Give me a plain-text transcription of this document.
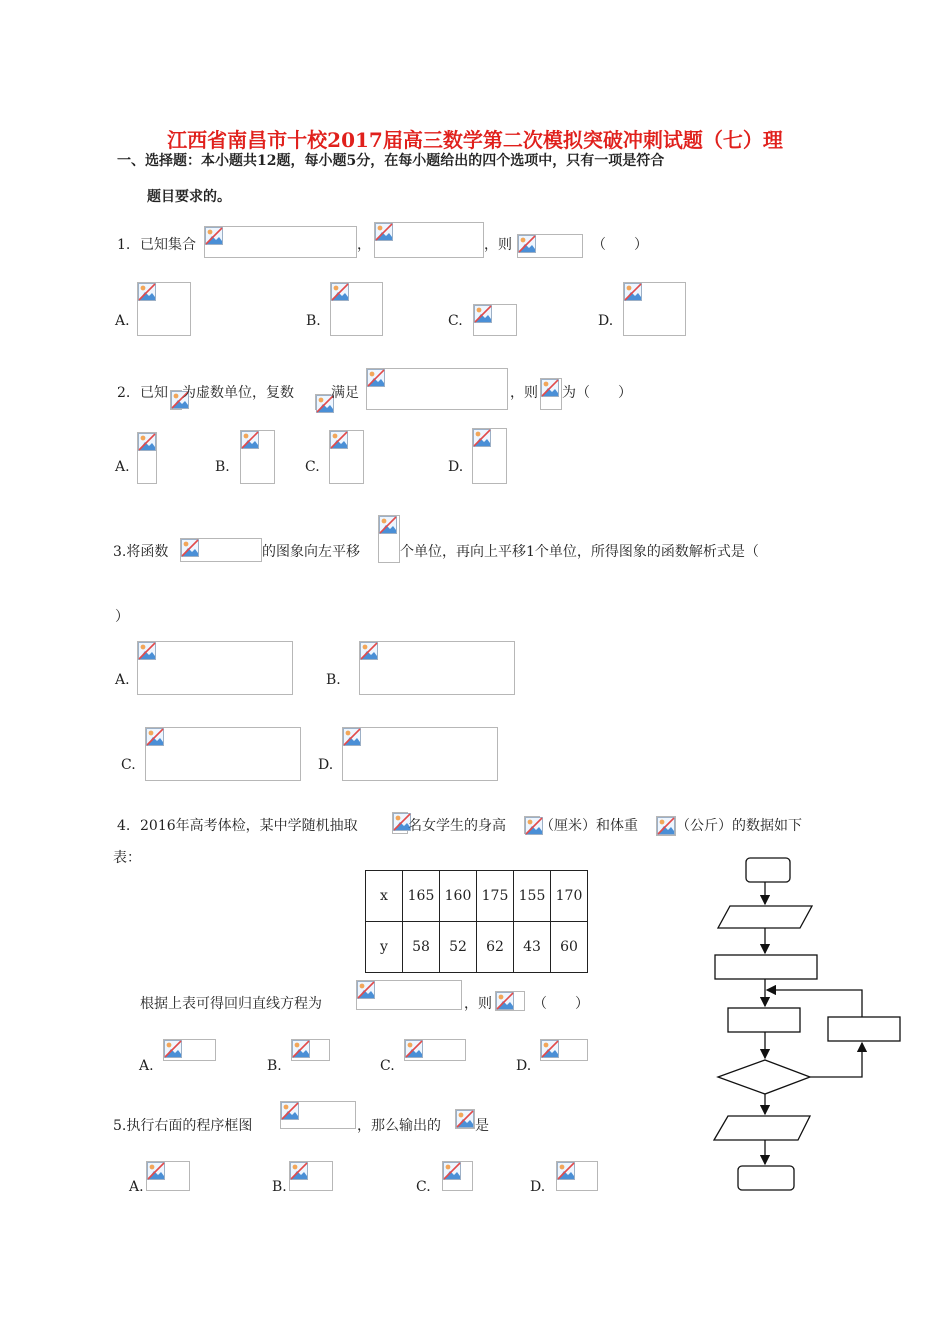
江西省南昌市十校2017届高三数学第二次模拟突破冲刺试题（七）理
一、选择题：本小题共12题，每小题5分，在每小题给出的四个选项中，只有一项是符合
题目要求的。
1. 已知集合	，	，则	（　　）
A.	B.	C.	D.
2. 已知 为虚数单位，复数	满足	，则 为（　　）
A.	B.	C.	D.
3.将函数	的图象向左平移	个单位，再向上平移1个单位，所得图象的函数解析式是（
）
A.	B.
C.	D.
4. 2016年高考体检，某中学随机抽取	名女学生的身高 （厘米）和体重	（公斤）的数据如下
表：
x	165	160	175	155	170
y	58	52	62	43	60
根据上表可得回归直线方程为	，则	（　　）
A.	B.	C.	D.
5.执行右面的程序框图	，那么输出的 是
A.	B.	C.	D.
